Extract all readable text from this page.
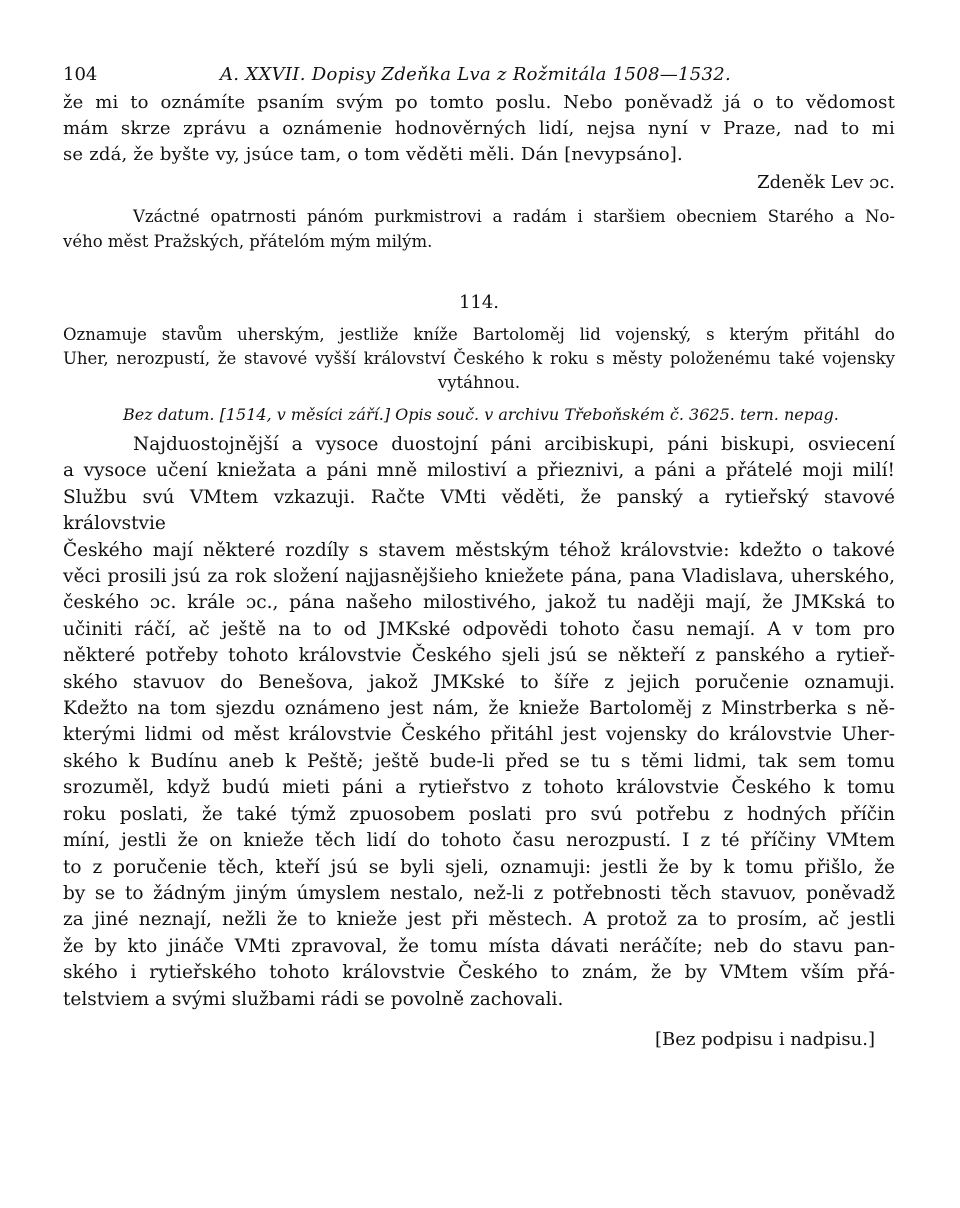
104	A. XXVII. Dopisy Zdeňka Lva z Rožmitála 1508—1532.
že mi to oznámíte psaním svým po tomto poslu. Nebo poněvadž já o to vědomost
mám skrze zprávu a oznámenie hodnověrných lidí, nejsa nyní v Praze, nad to mi
se zdá, že byšte vy, jsúce tam, o tom věděti měli. Dán [nevypsáno].

Zdeněk Lev ɔc.

Vzáctné opatrnosti pánóm purkmistrovi a radám i staršiem obecniem Starého a No-
vého měst Pražských, přátelóm mým milým.

114.

Oznamuje stavům uherským, jestliže kníže Bartoloměj lid vojenský, s kterým přitáhl do
Uher, nerozpustí, že stavové vyšší království Českého k roku s městy položenému také vojensky
vytáhnou.

Bez datum. [1514, v měsíci září.] Opis souč. v archivu Třeboňském č. 3625. tern. nepag.

Najduostojnější a vysoce duostojní páni arcibiskupi, páni biskupi, osviecení
a vysoce učení kniežata a páni mně milostiví a přieznivi, a páni a přátelé moji milí!
Službu svú VMtem vzkazuji. Račte VMti věděti, že panský a rytieřský stavové královstvie
Českého mají některé rozdíly s stavem městským téhož královstvie: kdežto o takové
věci prosili jsú za rok složení najjasnějšieho kniežete pána, pana Vladislava, uherského,
českého ɔc. krále ɔc., pána našeho milostivého, jakož tu naději mají, že JMKská to
učiniti ráčí, ač ještě na to od JMKské odpovědi tohoto času nemají. A v tom pro
některé potřeby tohoto královstvie Českého sjeli jsú se někteří z panského a rytieř-
ského stavuov do Benešova, jakož JMKské to šíře z jejich poručenie oznamuji.
Kdežto na tom sjezdu oznámeno jest nám, že knieže Bartoloměj z Minstrberka s ně-
kterými lidmi od měst královstvie Českého přitáhl jest vojensky do královstvie Uher-
ského k Budínu aneb k Peště; ještě bude-li před se tu s těmi lidmi, tak sem tomu
srozuměl, když budú mieti páni a rytieřstvo z tohoto královstvie Českého k tomu
roku poslati, že také týmž zpuosobem poslati pro svú potřebu z hodných příčin
míní, jestli že on knieže těch lidí do tohoto času nerozpustí. I z té příčiny VMtem
to z poručenie těch, kteří jsú se byli sjeli, oznamuji: jestli že by k tomu přišlo, že
by se to žádným jiným úmyslem nestalo, než-li z potřebnosti těch stavuov, poněvadž
za jiné neznají, nežli že to knieže jest při městech. A protož za to prosím, ač jestli
že by kto jináče VMti zpravoval, že tomu místa dávati neráčíte; neb do stavu pan-
ského i rytieřského tohoto královstvie Českého to znám, že by VMtem vším přá-
telstviem a svými službami rádi se povolně zachovali.

[Bez podpisu i nadpisu.]
